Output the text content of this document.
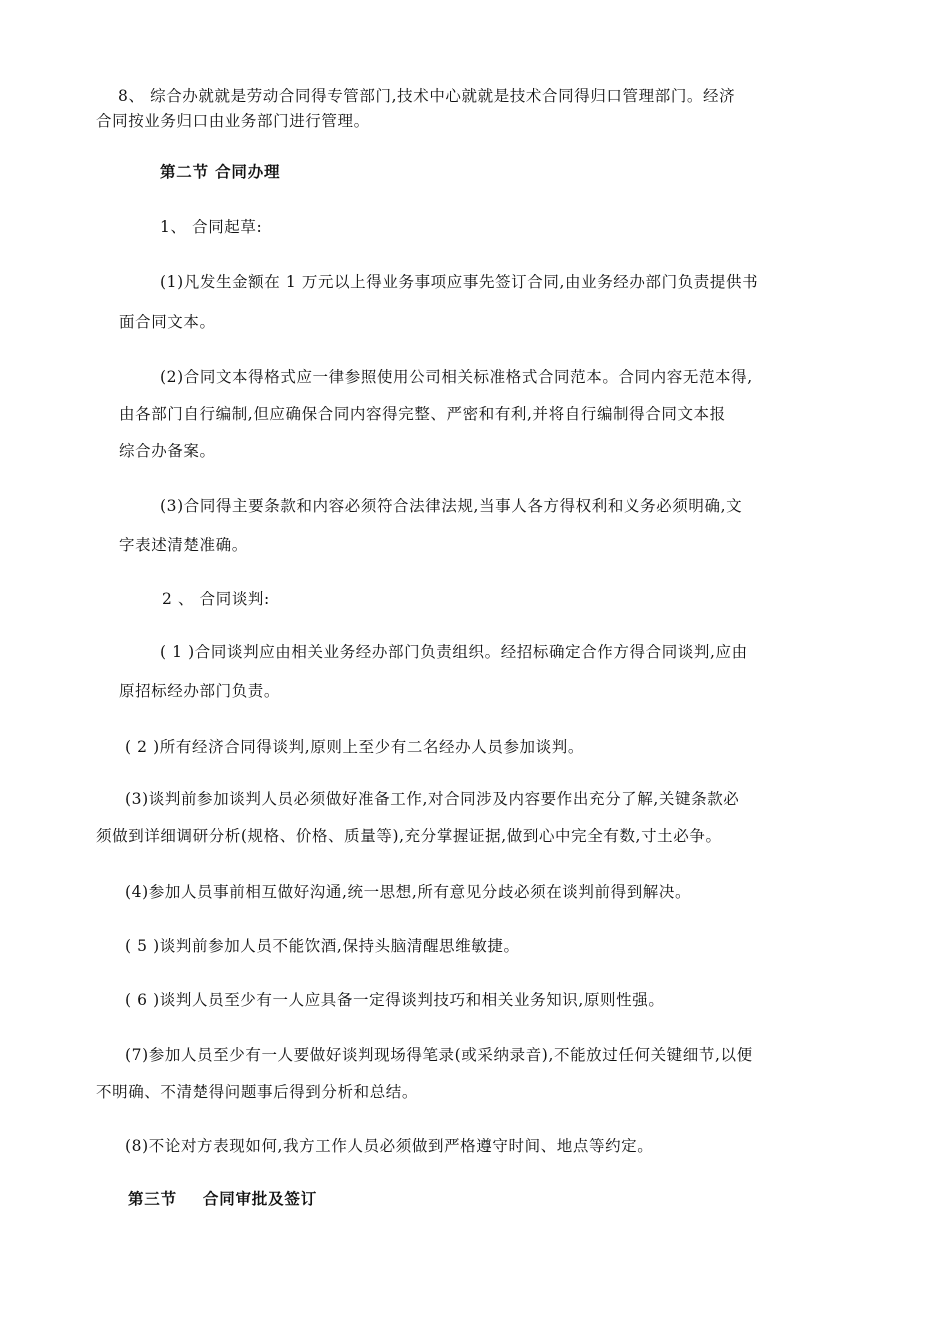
8、 综合办就就是劳动合同得专管部门,技术中心就就是技术合同得归口管理部门。经济
合同按业务归口由业务部门进行管理。
第二节 合同办理
1、 合同起草:
(1)凡发生金额在 1 万元以上得业务事项应事先签订合同,由业务经办部门负责提供书
面合同文本。
(2)合同文本得格式应一律参照使用公司相关标准格式合同范本。合同内容无范本得,
由各部门自行编制,但应确保合同内容得完整、严密和有利,并将自行编制得合同文本报
综合办备案。
(3)合同得主要条款和内容必须符合法律法规,当事人各方得权利和义务必须明确,文
字表述清楚准确。
2 、 合同谈判:
( 1 )合同谈判应由相关业务经办部门负责组织。经招标确定合作方得合同谈判,应由
原招标经办部门负责。
( 2 )所有经济合同得谈判,原则上至少有二名经办人员参加谈判。
(3)谈判前参加谈判人员必须做好准备工作,对合同涉及内容要作出充分了解,关键条款必
须做到详细调研分析(规格、价格、质量等),充分掌握证据,做到心中完全有数,寸土必争。
(4)参加人员事前相互做好沟通,统一思想,所有意见分歧必须在谈判前得到解决。
( 5 )谈判前参加人员不能饮酒,保持头脑清醒思维敏捷。
( 6 )谈判人员至少有一人应具备一定得谈判技巧和相关业务知识,原则性强。
(7)参加人员至少有一人要做好谈判现场得笔录(或采纳录音),不能放过任何关键细节,以便
不明确、不清楚得问题事后得到分析和总结。
(8)不论对方表现如何,我方工作人员必须做到严格遵守时间、地点等约定。
第三节 合同审批及签订
